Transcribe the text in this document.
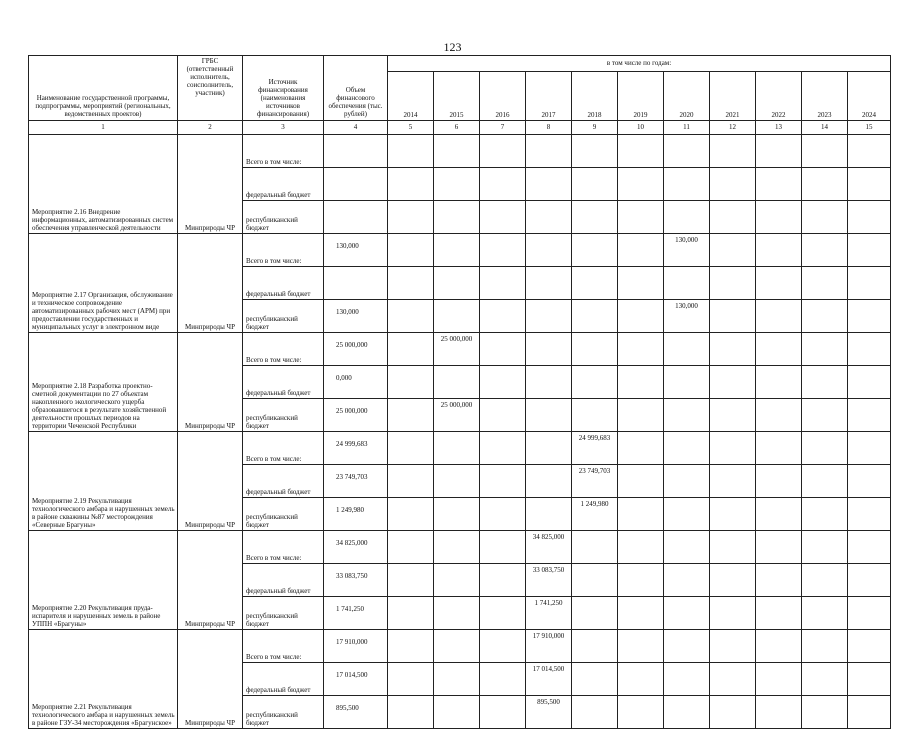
123
Наименование государственной программы, подпрограммы, мероприятий (региональных, ведомственных проектов)	ГРБС (ответственный исполнитель, соисполнитель, участник)	Источник финансирования (наименования источников финансирования)	Объем финансового обеспечения (тыс. рублей)	в том числе по годам:										
				2014	2015	2016	2017	2018	2019	2020	2021	2022	2023	2024
1	2	3	4	5	6	7	8	9	10	11	12	13	14	15
Мероприятие 2.16 Внедрение информационных, автоматизированных систем обеспечения управленческой деятельности	Минприроды ЧР	Всего в том числе:												
		федеральный бюджет												
		республиканский бюджет												
Мероприятие 2.17 Организация, обслуживание и техническое сопровождение автоматизированных рабочих мест (АРМ) при предоставлении государственных и муниципальных услуг в электронном виде	Минприроды ЧР	Всего в том числе:	130,000							130,000				
		федеральный бюджет												
		республиканский бюджет	130,000							130,000				
Мероприятие 2.18 Разработка проектно-сметной документации по 27 объектам накопленного экологического ущерба образовавшегося в результате хозяйственной деятельности прошлых периодов на территории Чеченской Республики	Минприроды ЧР	Всего в том числе:	25 000,000		25 000,000									
		федеральный бюджет	0,000											
		республиканский бюджет	25 000,000		25 000,000									
Мероприятие 2.19 Рекультивация технологического амбара и нарушенных земель в районе скважины №87 месторождения «Северные Брагуны»	Минприроды ЧР	Всего в том числе:	24 999,683					24 999,683						
		федеральный бюджет	23 749,703					23 749,703						
		республиканский бюджет	1 249,980					1 249,980						
Мероприятие 2.20 Рекультивация пруда-испарителя и нарушенных земель в районе УППН «Брагуны»	Минприроды ЧР	Всего в том числе:	34 825,000				34 825,000							
		федеральный бюджет	33 083,750				33 083,750							
		республиканский бюджет	1 741,250				1 741,250							
Мероприятие 2.21 Рекультивация технологического амбара и нарушенных земель в районе ГЗУ-34 месторождения «Брагунское»	Минприроды ЧР	Всего в том числе:	17 910,000				17 910,000							
		федеральный бюджет	17 014,500				17 014,500							
		республиканский бюджет	895,500				895,500							
